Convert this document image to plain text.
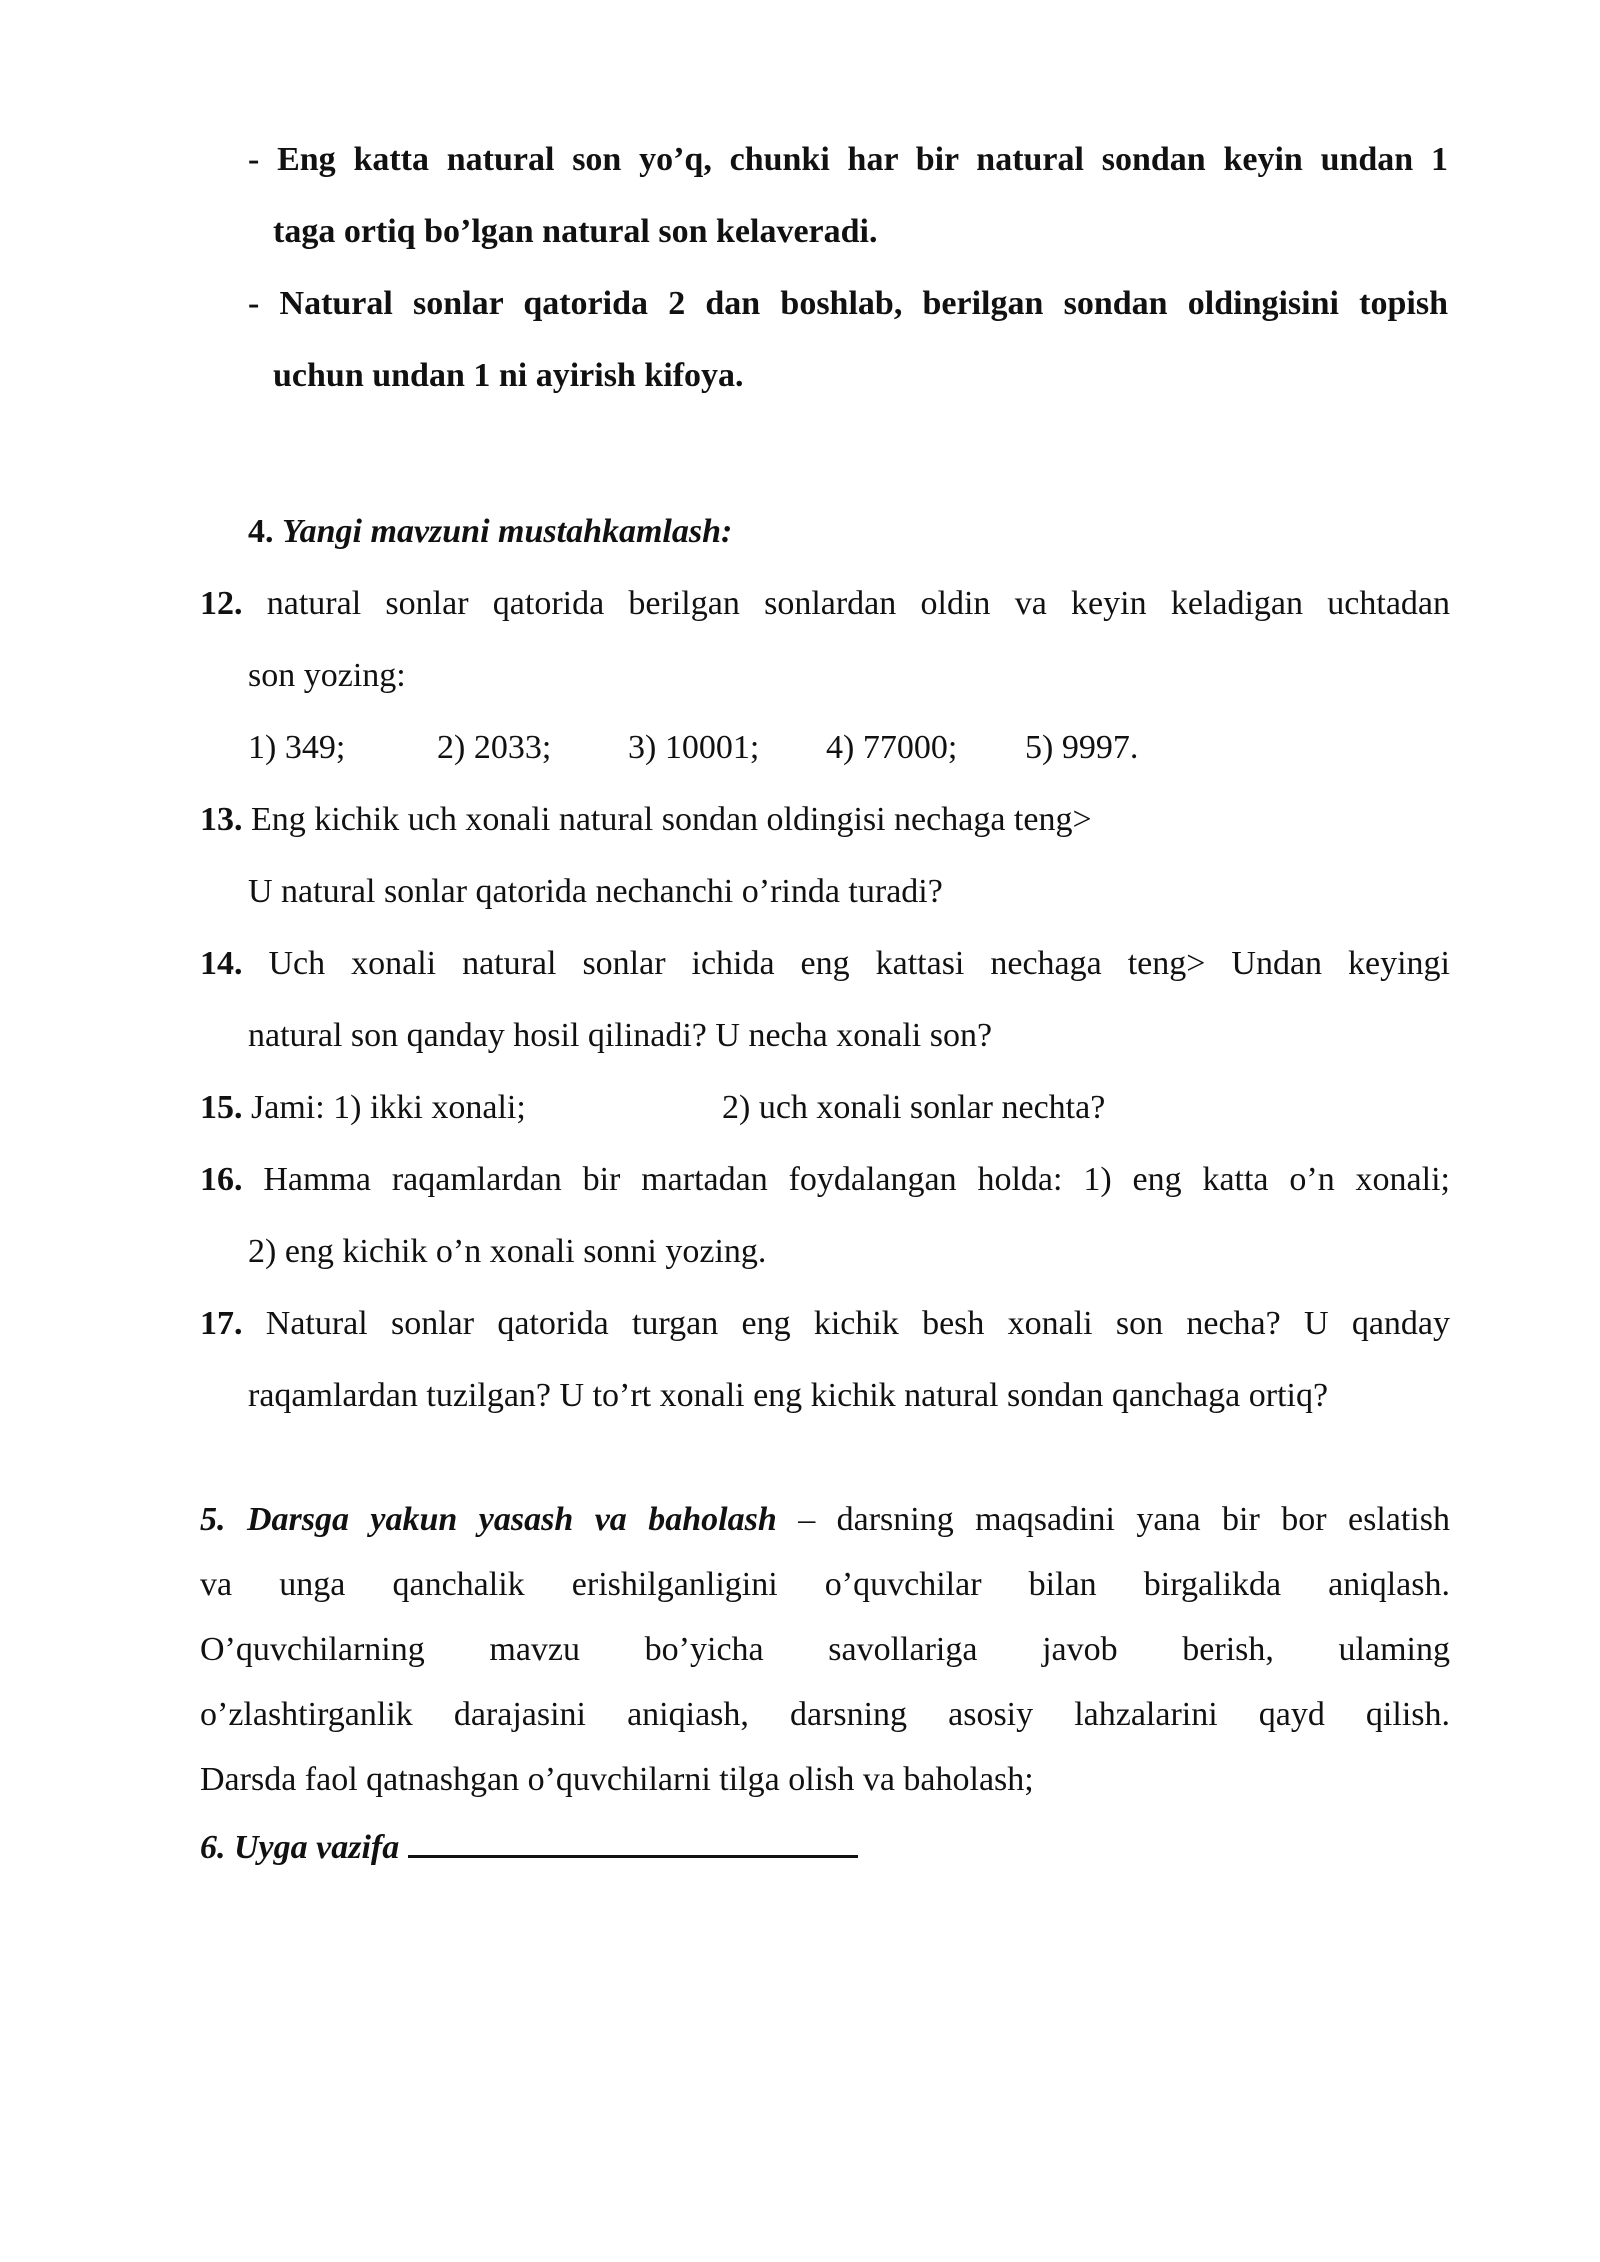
- Eng katta natural son yo’q, chunki har bir natural sondan keyin undan 1
taga ortiq bo’lgan natural son kelaveradi.
- Natural sonlar qatorida 2 dan boshlab, berilgan sondan oldingisini topish
uchun undan 1 ni ayirish kifoya.
4. Yangi mavzuni mustahkamlash:
12. natural sonlar qatorida berilgan sonlardan oldin va keyin keladigan uchtadan
son yozing:
1) 349;	2) 2033; 3) 10001; 4) 77000; 5) 9997.
13. Eng kichik uch xonali natural sondan oldingisi nechaga teng>
U natural sonlar qatorida nechanchi o’rinda turadi?
14. Uch xonali natural sonlar ichida eng kattasi nechaga teng> Undan keyingi
natural son qanday hosil qilinadi? U necha xonali son?
15. Jami: 1) ikki xonali;	2) uch xonali sonlar nechta?
16. Hamma raqamlardan bir martadan foydalangan holda: 1) eng katta o’n xonali;
2) eng kichik o’n xonali sonni yozing.
17. Natural sonlar qatorida turgan eng kichik besh xonali son necha? U qanday
raqamlardan tuzilgan? U to’rt xonali eng kichik natural sondan qanchaga ortiq?
5. Darsga yakun yasash va baholash – darsning maqsadini yana bir bor eslatish
va unga qanchalik erishilganligini o’quvchilar bilan birgalikda aniqlash.
O’quvchilarning mavzu bo’yicha savollariga javob berish, ulaming
o’zlashtirganlik darajasini aniqiash, darsning asosiy lahzalarini qayd qilish.
Darsda faol qatnashgan o’quvchilarni tilga olish va baholash;
6. Uygа vazifa
